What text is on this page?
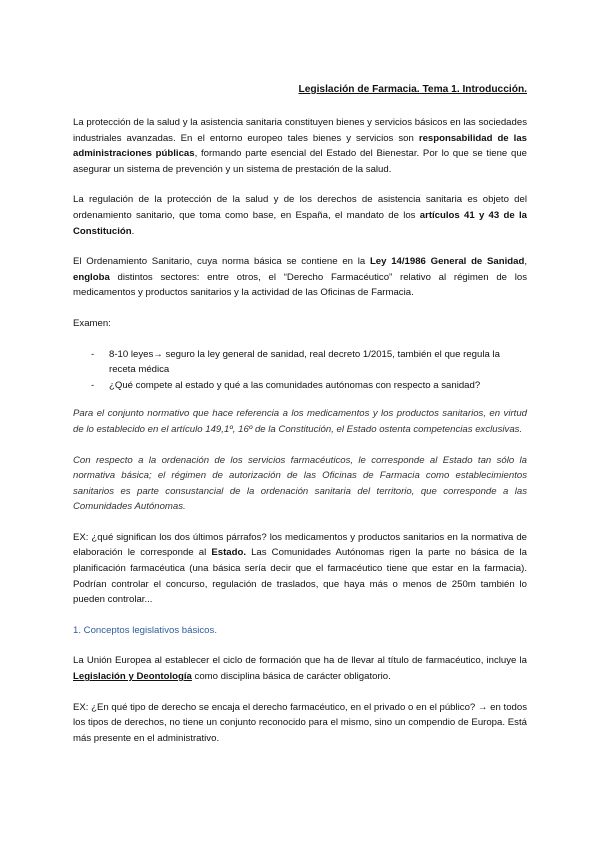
Legislación de Farmacia. Tema 1. Introducción.

La protección de la salud y la asistencia sanitaria constituyen bienes y servicios básicos en las sociedades industriales avanzadas. En el entorno europeo tales bienes y servicios son responsabilidad de las administraciones públicas, formando parte esencial del Estado del Bienestar. Por lo que se tiene que asegurar un sistema de prevención y un sistema de prestación de la salud.

La regulación de la protección de la salud y de los derechos de asistencia sanitaria es objeto del ordenamiento sanitario, que toma como base, en España, el mandato de los artículos 41 y 43 de la Constitución.

El Ordenamiento Sanitario, cuya norma básica se contiene en la Ley 14/1986 General de Sanidad, engloba distintos sectores: entre otros, el “Derecho Farmacéutico” relativo al régimen de los medicamentos y productos sanitarios y la actividad de las Oficinas de Farmacia.

Examen:

- 8-10 leyes→ seguro la ley general de sanidad, real decreto 1/2015, también el que regula la receta médica
- ¿Qué compete al estado y qué a las comunidades autónomas con respecto a sanidad?

Para el conjunto normativo que hace referencia a los medicamentos y los productos sanitarios, en virtud de lo establecido en el artículo 149,1º, 16º de la Constitución, el Estado ostenta competencias exclusivas.

Con respecto a la ordenación de los servicios farmacéuticos, le corresponde al Estado tan sólo la normativa básica; el régimen de autorización de las Oficinas de Farmacia como establecimientos sanitarios es parte consustancial de la ordenación sanitaria del territorio, que corresponde a las Comunidades Autónomas.

EX: ¿qué significan los dos últimos párrafos? los medicamentos y productos sanitarios en la normativa de elaboración le corresponde al Estado. Las Comunidades Autónomas rigen la parte no básica de la planificación farmacéutica (una básica sería decir que el farmacéutico tiene que estar en la farmacia). Podrían controlar el concurso, regulación de traslados, que haya más o menos de 250m también lo pueden controlar...

1. Conceptos legislativos básicos.

La Unión Europea al establecer el ciclo de formación que ha de llevar al título de farmacéutico, incluye la Legislación y Deontología como disciplina básica de carácter obligatorio.

EX: ¿En qué tipo de derecho se encaja el derecho farmacéutico, en el privado o en el público? → en todos los tipos de derechos, no tiene un conjunto reconocido para el mismo, sino un compendio de Europa. Está más presente en el administrativo.
